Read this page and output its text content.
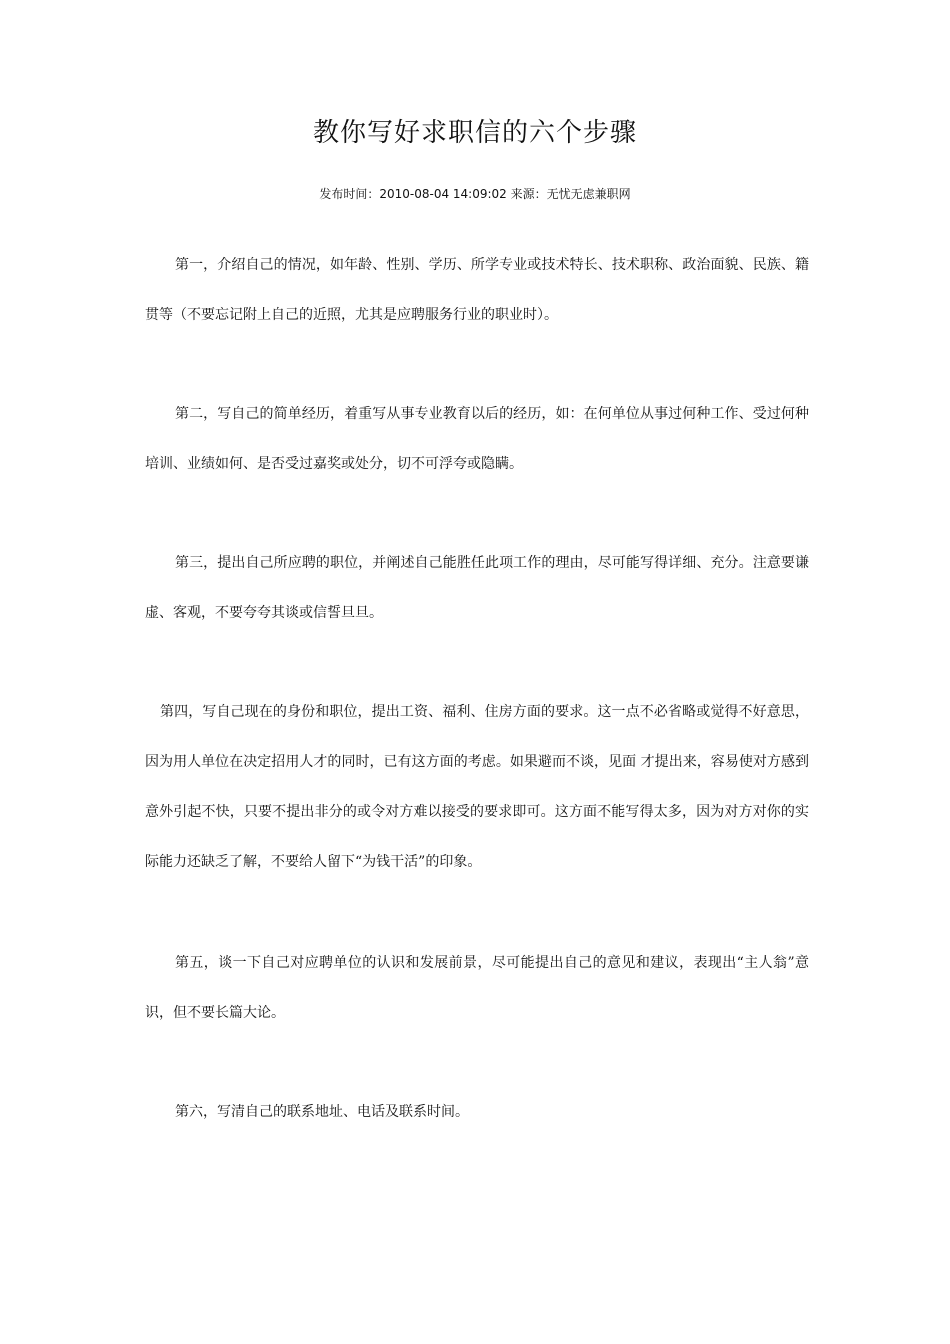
教你写好求职信的六个步骤
发布时间：2010-08-04 14:09:02 来源：无忧无虑兼职网

第一，介绍自己的情况，如年龄、性别、学历、所学专业或技术特长、技术职称、政治面貌、民族、籍贯等（不要忘记附上自己的近照，尤其是应聘服务行业的职业时）。

第二，写自己的简单经历，着重写从事专业教育以后的经历，如：在何单位从事过何种工作、受过何种培训、业绩如何、是否受过嘉奖或处分，切不可浮夸或隐瞒。

第三，提出自己所应聘的职位，并阐述自己能胜任此项工作的理由，尽可能写得详细、充分。注意要谦虚、客观，不要夸夸其谈或信誓旦旦。

第四，写自己现在的身份和职位，提出工资、福利、住房方面的要求。这一点不必省略或觉得不好意思，因为用人单位在决定招用人才的同时，已有这方面的考虑。如果避而不谈，见面 才提出来，容易使对方感到意外引起不快，只要不提出非分的或令对方难以接受的要求即可。这方面不能写得太多，因为对方对你的实际能力还缺乏了解，不要给人留下“为钱干活”的印象。

第五，谈一下自己对应聘单位的认识和发展前景，尽可能提出自己的意见和建议，表现出“主人翁”意识，但不要长篇大论。

第六，写清自己的联系地址、电话及联系时间。
